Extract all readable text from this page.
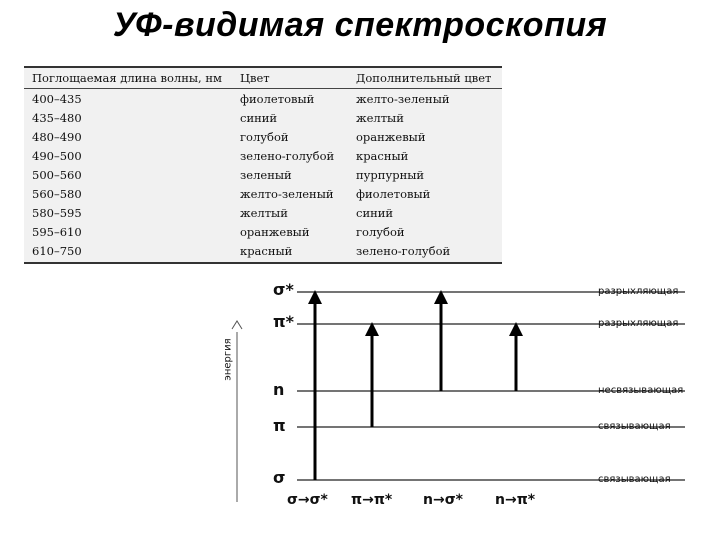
УФ-видимая спектроскопия
Поглощаемая длина волны, нм	Цвет	Дополнительный цвет
400–435	фиолетовый	желто-зеленый
435–480	синий	желтый
480–490	голубой	оранжевый
490–500	зелено-голубой	красный
500–560	зеленый	пурпурный
560–580	желто-зеленый	фиолетовый
580–595	желтый	синий
595–610	оранжевый	голубой
610–750	красный	зелено-голубой
энергия
σ*
π*
n
π
σ
разрыхляющая
разрыхляющая
несвязывающая
связывающая
связывающая
σ→σ* π→π* n→σ* n→π*
